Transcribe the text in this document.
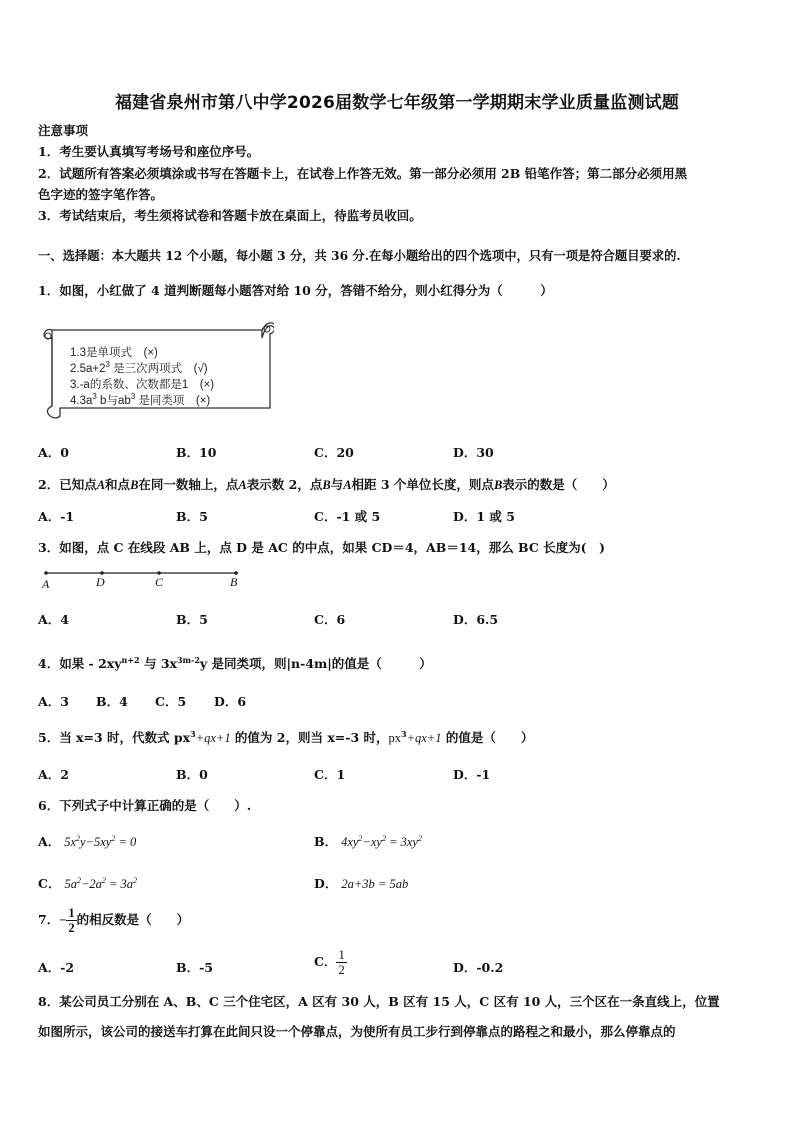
福建省泉州市第八中学2026届数学七年级第一学期期末学业质量监测试题
注意事项
1．考生要认真填写考场号和座位序号。
2．试题所有答案必须填涂或书写在答题卡上，在试卷上作答无效。第一部分必须用 2B 铅笔作答；第二部分必须用黑
色字迹的签字笔作答。
3．考试结束后，考生须将试卷和答题卡放在桌面上，待监考员收回。
一、选择题：本大题共 12 个小题，每小题 3 分，共 36 分.在每小题给出的四个选项中，只有一项是符合题目要求的.
1．如图，小红做了 4 道判断题每小题答对给 10 分，答错不给分，则小红得分为（　　　）
1.3是单项式　(×)
$2.5a+2^3$ 是三次两项式　(√)
3.-a的系数、次数都是1　(×)
$4.3a^3$ b与$ab^3$ 是同类项　(×)
A．0	B．10	C．20	D．30
2．已知点A和点B在同一数轴上，点A表示数 2，点B与A相距 3 个单位长度，则点B表示的数是（　　）
A．-1	B．5	C．-1 或 5	D．1 或 5
3．如图，点 C 在线段 AB 上，点 D 是 AC 的中点，如果 CD＝4，AB＝14，那么 BC 长度为(　)
A	D	C	B
A．4	B．5	C．6	D．6.5
4．如果 - $2xy^{n+2}$ 与 $3x^{3m-2}y$ 是同类项，则|n-4m|的值是（　　　）
A．3 B．4 C．5 D．6
5．当 x=3 时，代数式 $px^3+qx+1$ 的值为 2，则当 x=-3 时，$px^3+qx+1$ 的值是（　　）
A．2	B．0	C．1	D．-1
6．下列式子中计算正确的是（　　）.
A． $5x^2y-5xy^2 = 0$	B． $4xy^2-xy^2 = 3xy^2$
C． $5a^2-2a^2 = 3a^2$	D． 2a+3b = 5ab
7．− $\frac{1}{2}$ 的相反数是（　　）
A．-2	B．-5	C． $\frac{1}{2}$	D．-0.2
8．某公司员工分别在 A、B、C 三个住宅区，A 区有 30 人，B 区有 15 人，C 区有 10 人，三个区在一条直线上，位置
如图所示，该公司的接送车打算在此间只设一个停靠点，为使所有员工步行到停靠点的路程之和最小，那么停靠点的
